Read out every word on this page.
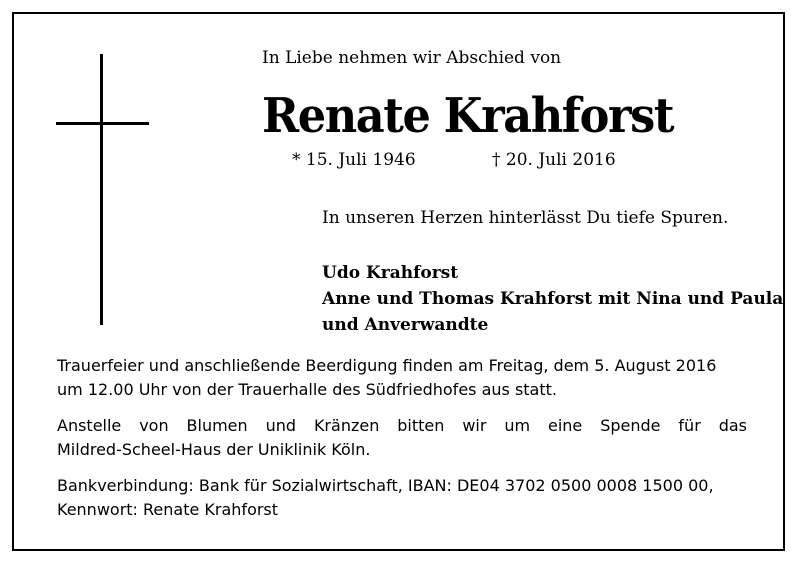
In Liebe nehmen wir Abschied von
Renate Krahforst
* 15. Juli 1946	† 20. Juli 2016
In unseren Herzen hinterlässt Du tiefe Spuren.
Udo Krahforst
Anne und Thomas Krahforst mit Nina und Paula
und Anverwandte
Trauerfeier und anschließende Beerdigung finden am Freitag, dem 5. August 2016
um 12.00 Uhr von der Trauerhalle des Südfriedhofes aus statt.
Anstelle von Blumen und Kränzen bitten wir um eine Spende für das
Mildred-Scheel-Haus der Uniklinik Köln.
Bankverbindung: Bank für Sozialwirtschaft, IBAN: DE04 3702 0500 0008 1500 00,
Kennwort: Renate Krahforst
